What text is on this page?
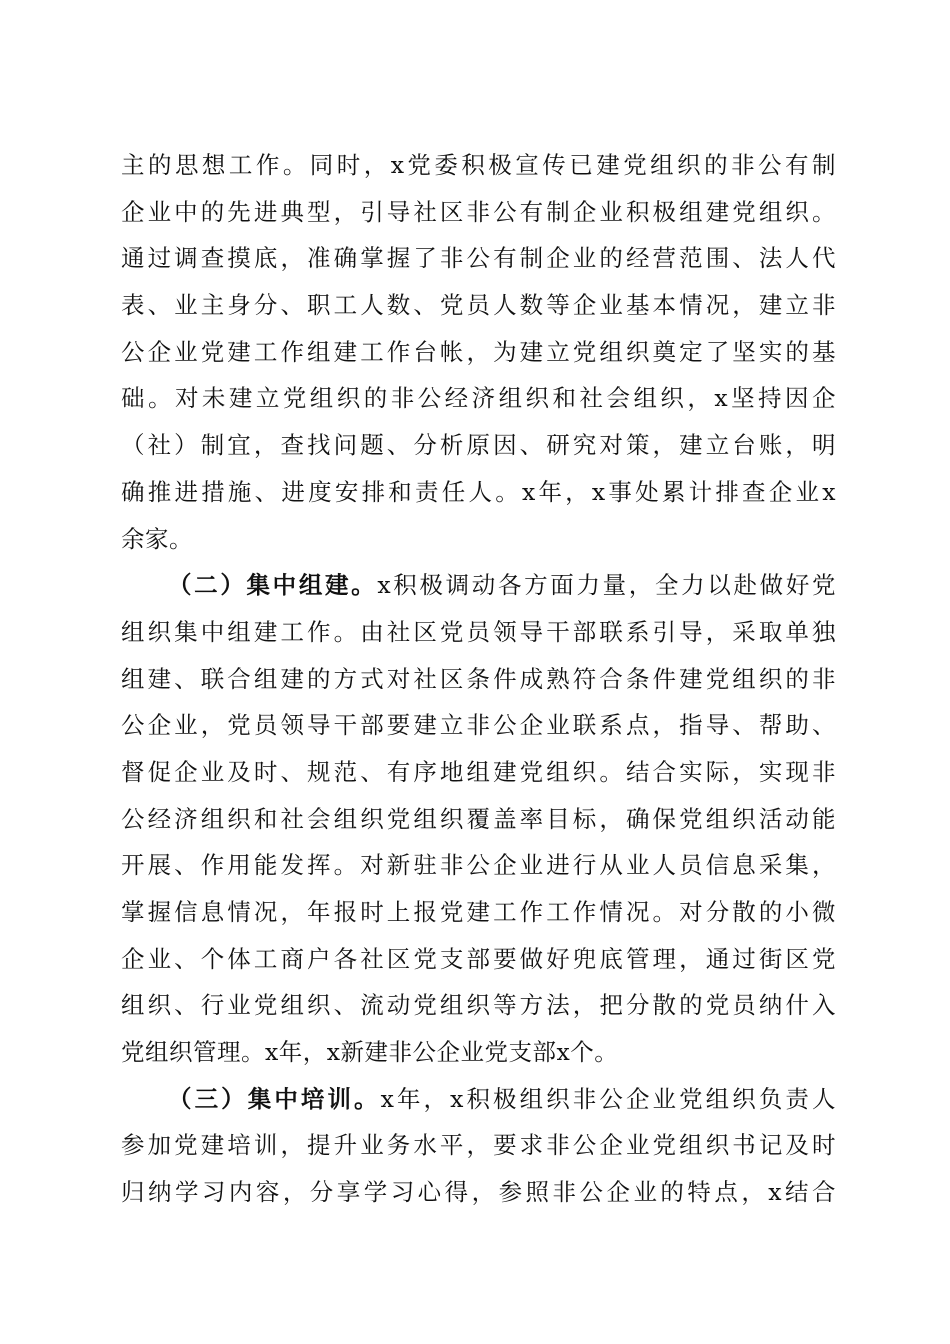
主的思想工作。同时，x党委积极宣传已建党组织的非公有制
企业中的先进典型，引导社区非公有制企业积极组建党组织。
通过调查摸底，准确掌握了非公有制企业的经营范围、法人代
表、业主身分、职工人数、党员人数等企业基本情况，建立非
公企业党建工作组建工作台帐，为建立党组织奠定了坚实的基
础。对未建立党组织的非公经济组织和社会组织，x坚持因企
（社）制宜，查找问题、分析原因、研究对策，建立台账，明
确推进措施、进度安排和责任人。x年，x事处累计排查企业x
余家。
（二）集中组建。x积极调动各方面力量，全力以赴做好党
组织集中组建工作。由社区党员领导干部联系引导，采取单独
组建、联合组建的方式对社区条件成熟符合条件建党组织的非
公企业，党员领导干部要建立非公企业联系点，指导、帮助、
督促企业及时、规范、有序地组建党组织。结合实际，实现非
公经济组织和社会组织党组织覆盖率目标，确保党组织活动能
开展、作用能发挥。对新驻非公企业进行从业人员信息采集，
掌握信息情况，年报时上报党建工作工作情况。对分散的小微
企业、个体工商户各社区党支部要做好兜底管理，通过街区党
组织、行业党组织、流动党组织等方法，把分散的党员纳什入
党组织管理。x年，x新建非公企业党支部x个。
（三）集中培训。x年，x积极组织非公企业党组织负责人
参加党建培训，提升业务水平，要求非公企业党组织书记及时
归纳学习内容，分享学习心得，参照非公企业的特点，x结合
